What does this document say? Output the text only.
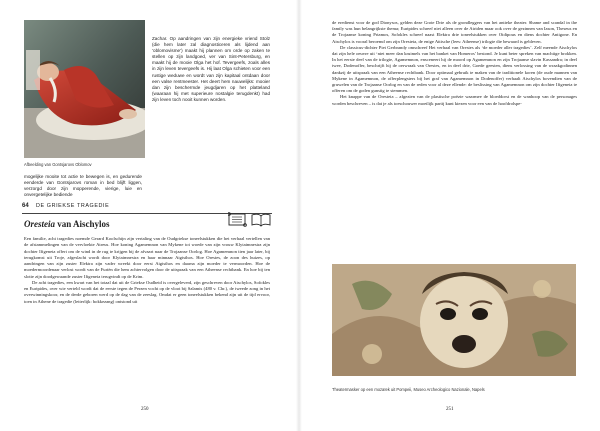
Afbeelding van Gontsjarovs Oblomov

mogelijke mooite tot actie te bewegen is, en gedurende eenderde van Gontsjarovs roman in bed blijft liggen, verzorgd door zijn mopperende, vierige, luie en onvergetelijke bediende

Zachar. Op aandringen van zijn energieke vriend Stolz (die hem later zal diagnosticeren als lijdend aan ‘oblomovisme’) maakt hij plannen om orde op zaken te stellen op zijn landgoed, ver van Sint-Petersburg, en maakt hij de mooie Olga het hof. Tevergeefs, zoals alles in zijn leven tevergeefs is. Hij laat Olga schieten voor een rustige weduwe en wordt van zijn kapitaal ontdaan door een valse rentmeester. Het deert hem nauwelijks: mooier dan zijn beschermde jeugdjaren op het platteland (waaraan hij met superieure nostalgie terugdenkt) had zijn leven toch nooit kunnen worden.

64 DE GRIEKSE TRAGEDIE
Oresteia van Aischylos

Een familie, acht tragedies noemde Gerard Koolschijn zijn vertaling van de Oudgriekse toneelstukken die het verhaal vertellen van de afstammelingen van de vervloekte Atreus. Hoe koning Agamemnon van Mykene tot woede van zijn vrouw Klytaimnestra zijn dochter Ifigeneia offert om de wind in de rug te krijgen bij de afvaart naar de Trojaanse Oorlog. Hoe Agamemnon tien jaar later, bij terugkomst uit Troje, afgeslacht wordt door Klytaimnestra en haar minnaar Aigisthos. Hoe Orestes, de zoon des huizes, op aandringen van zijn zuster Elektra zijn vader wreekt door eerst Aigisthos en daarna zijn moeder te vermoorden. Hoe de moedermoordenaar verlost wordt van de Furiën die hem achtervolgen door de uitspraak van een Atheense rechtbank. En hoe bij ten slotte zijn doodgewaande zuster Ifigeneia terugvindt op de Krim.

De acht tragedies, een kwart van het totaal dat uit de Griekse Oudheid is overgeleverd, zijn geschreven door Aischylos, Sofokles en Euripides, over wie verteld wordt dat de eerste tegen de Perzen vocht op de vloot bij Salamis (480 v. Chr.), de tweede zong in het overwinningskoor, en de derde geboren werd op de dag van de zeeslag. Omdat er geen toneelstukken bekend zijn uit de tijd ervoor, toen in Athene de tragedie (letterlijk: bokkezang) ontstond uit

250	251

de eredienst voor de god Dionysos, gelden deze Grote Drie als de grondleggers van het antieke theater. Shame and scandal in the family was hun belangrijkste thema; Euripides schreef niet alleen over de Atriden maar ook over de gezinnen van Iason, Theseus en de Trojaanse koning Priamos, Sofokles schreef naast Elektra drie toneelstukken over Oidipous en diens dochter Antigone. En Aischylos is vooral beroemd om zijn Oresteia, de enige Attische (lees: Atheense) trilogie die bewaard is gebleven.

De classicus-dichter Piet Gerbrandy omschreef Het verhaal van Orestes als ‘de moeder aller tragedies’. Zelf meende Aischylos dat zijn hele oeuvre uit ‘niet meer dan kruimels van het banket van Homeros’ bestond. Je kunt beter spreken van machtige brokken. In het eerste deel van de trilogie, Agamemnon, ensceneert hij de moord op Agamemnon en zijn Trojaanse slavin Kassandra; in deel twee, Dodenoffer, beschrijft hij de oerwraak van Orestes, en in deel drie, Goede geesten, diens verlossing van de wraakgodinnen dankzij de uitspraak van een Atheense rechtbank. Door optimaal gebruik te maken van de traditionele koren (de oude mannen van Mykene in Agamemnon, de offerplengsters bij het graf van Agamemnon in Dodenoffer) verhaalt Aischylos bovendien van de gruwelen van de Trojaanse Oorlog en van de reden voor al deze ellende: de beslissing van Agamemnon om zijn dochter Ifigeneia te offeren om de goden gunstig te stemmen.

Het knappe van de Oresteia – afgezien van de plastische poëzie waarmee de bloeddorst en de wanhoop van de personages worden beschreven – is dat je als toeschouwer moeilijk partij kunt kiezen voor een van de hoofdrolspe-

Theatermasker op een mozaïek uit Pompeii, Museo Archeologico Nazionale, Napels
